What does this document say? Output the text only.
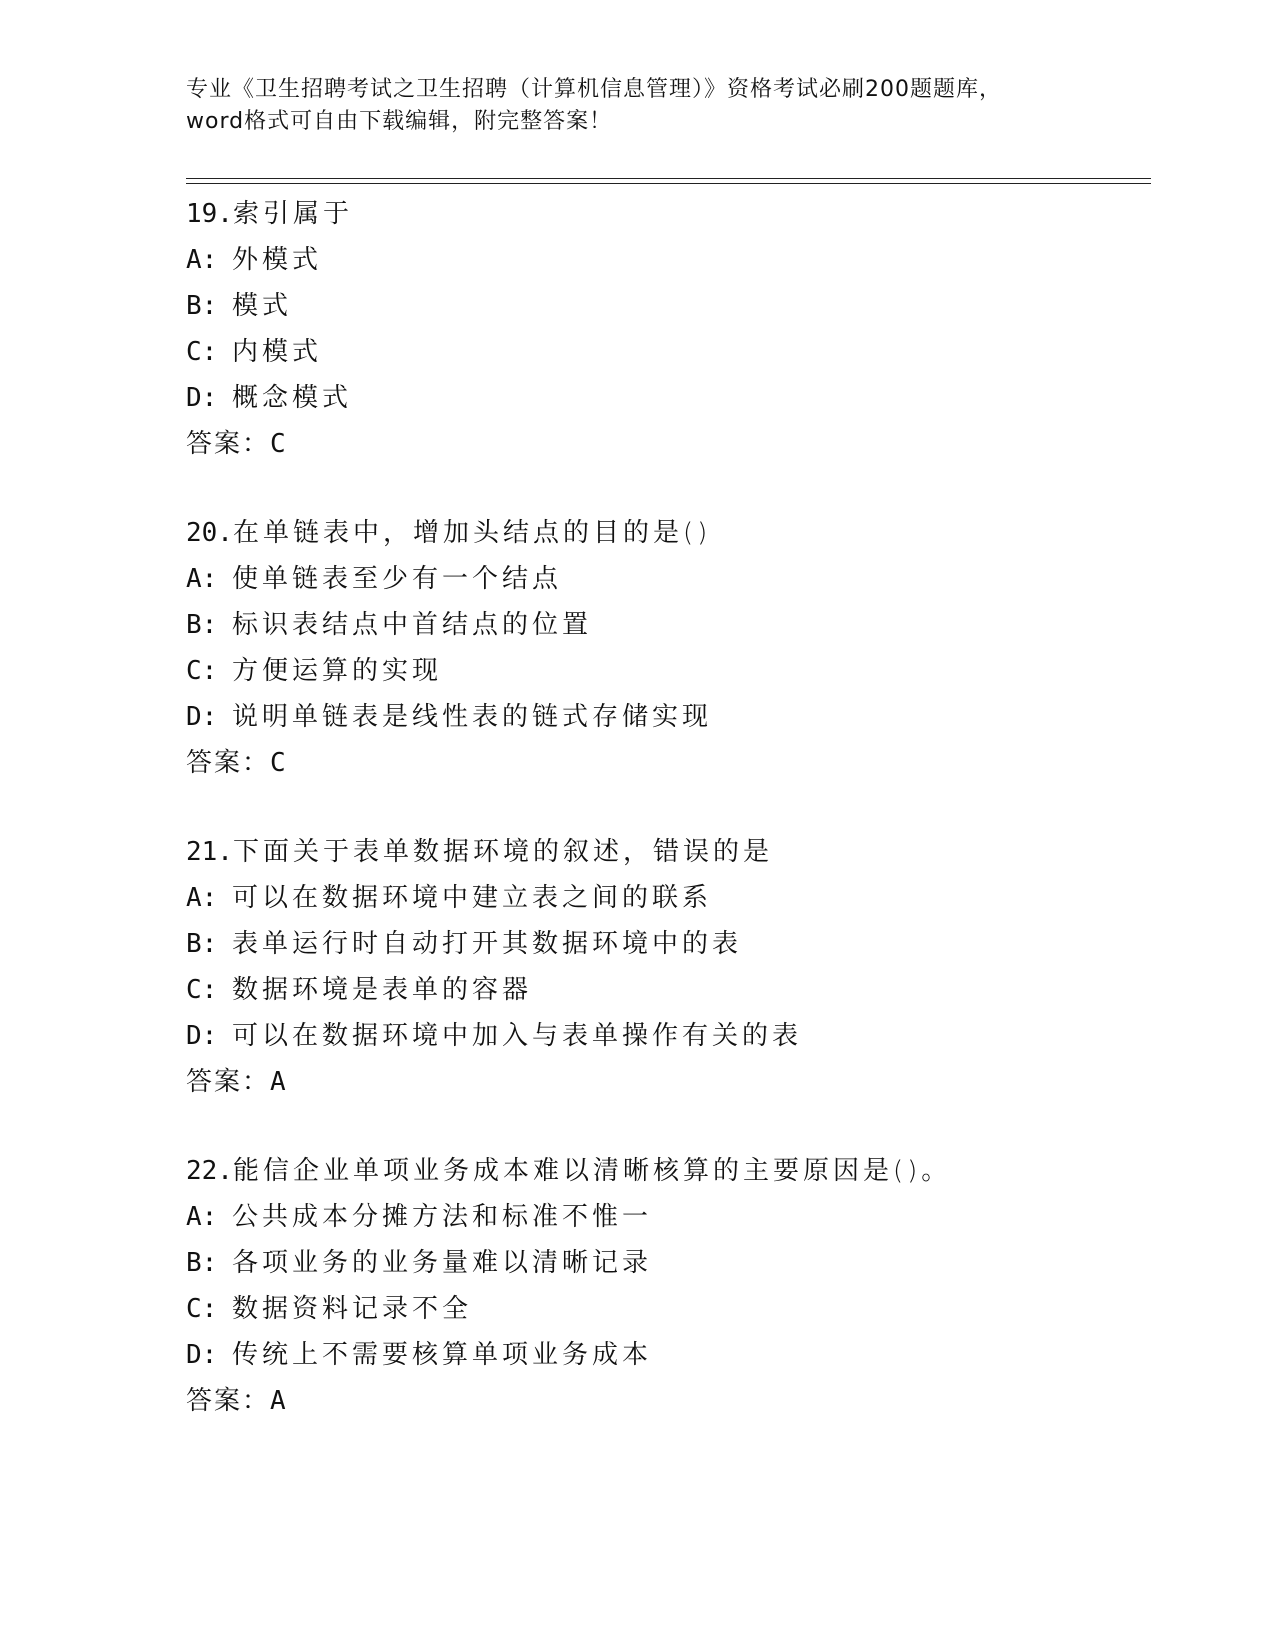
专业《卫生招聘考试之卫生招聘（计算机信息管理）》资格考试必刷200题题库，
word格式可自由下载编辑，附完整答案！
19.索引属于
A: 外模式
B: 模式
C: 内模式
D: 概念模式
答案：C
20.在单链表中，增加头结点的目的是()
A: 使单链表至少有一个结点
B: 标识表结点中首结点的位置
C: 方便运算的实现
D: 说明单链表是线性表的链式存储实现
答案：C
21.下面关于表单数据环境的叙述，错误的是
A: 可以在数据环境中建立表之间的联系
B: 表单运行时自动打开其数据环境中的表
C: 数据环境是表单的容器
D: 可以在数据环境中加入与表单操作有关的表
答案：A
22.能信企业单项业务成本难以清晰核算的主要原因是()。
A: 公共成本分摊方法和标准不惟一
B: 各项业务的业务量难以清晰记录
C: 数据资料记录不全
D: 传统上不需要核算单项业务成本
答案：A
